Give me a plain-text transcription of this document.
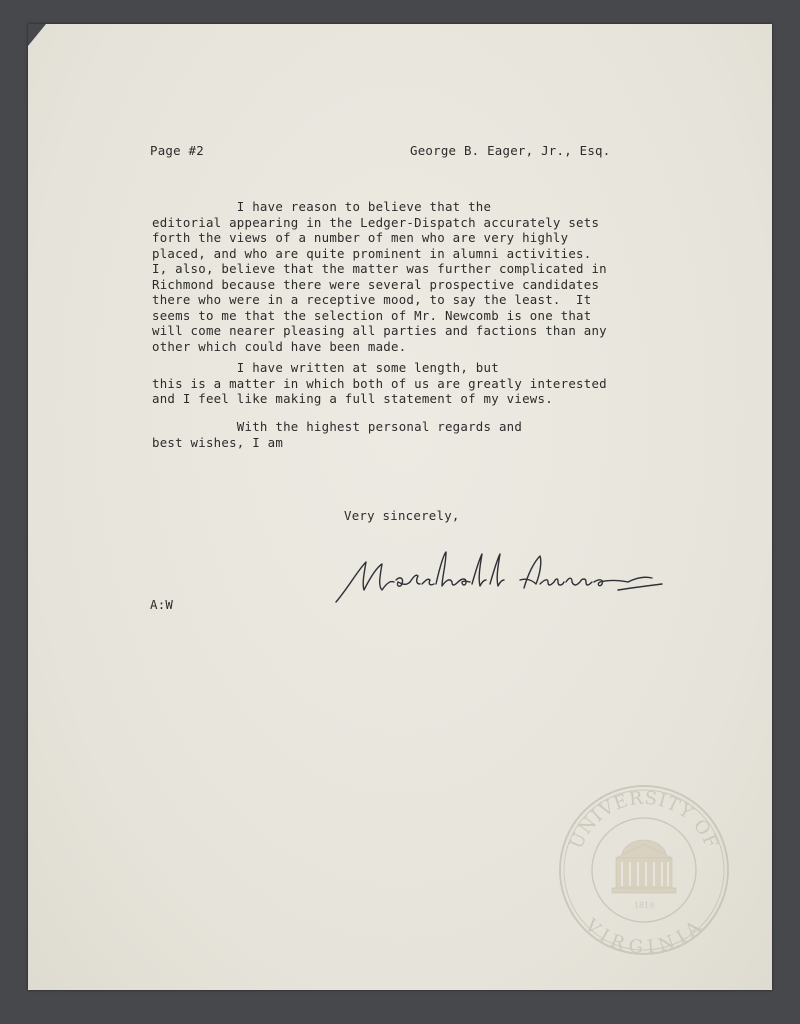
Page #2	George B. Eager, Jr., Esq.

I have reason to believe that the
editorial appearing in the Ledger-Dispatch accurately sets
forth the views of a number of men who are very highly
placed, and who are quite prominent in alumni activities.
I, also, believe that the matter was further complicated in
Richmond because there were several prospective candidates
there who were in a receptive mood, to say the least.  It
seems to me that the selection of Mr. Newcomb is one that
will come nearer pleasing all parties and factions than any
other which could have been made.
I have written at some length, but
this is a matter in which both of us are greatly interested
and I feel like making a full statement of my views.
With the highest personal regards and
best wishes, I am

Very sincerely,

A:W

UNIVERSITY OF
VIRGINIA
1819
